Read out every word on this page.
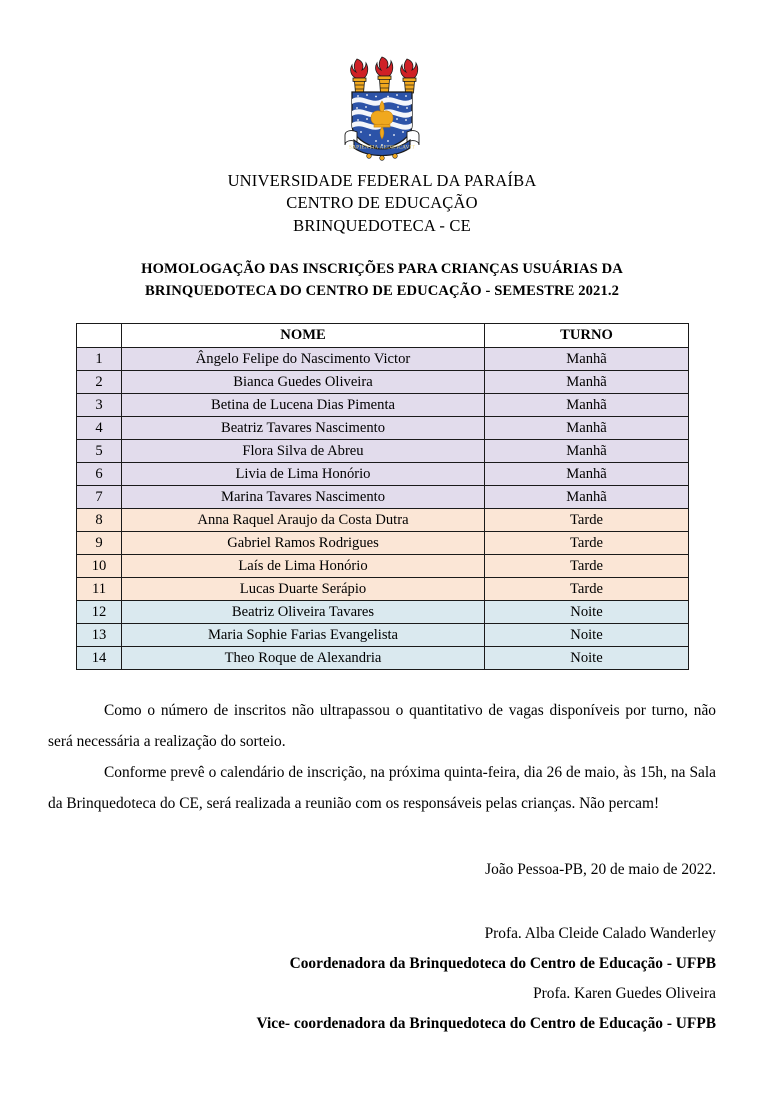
SAPIENTIA AEDIFICAVIT
UNIVERSIDADE FEDERAL DA PARAÍBA
CENTRO DE EDUCAÇÃO
BRINQUEDOTECA - CE
HOMOLOGAÇÃO DAS INSCRIÇÕES PARA CRIANÇAS USUÁRIAS DA
BRINQUEDOTECA DO CENTRO DE EDUCAÇÃO - SEMESTRE 2021.2
	NOME	TURNO
1	Ângelo Felipe do Nascimento Victor	Manhã
2	Bianca Guedes Oliveira	Manhã
3	Betina de Lucena Dias Pimenta	Manhã
4	Beatriz Tavares Nascimento	Manhã
5	Flora Silva de Abreu	Manhã
6	Livia de Lima Honório	Manhã
7	Marina Tavares Nascimento	Manhã
8	Anna Raquel Araujo da Costa Dutra	Tarde
9	Gabriel Ramos Rodrigues	Tarde
10	Laís de Lima Honório	Tarde
11	Lucas Duarte Serápio	Tarde
12	Beatriz Oliveira Tavares	Noite
13	Maria Sophie Farias Evangelista	Noite
14	Theo Roque de Alexandria	Noite

Como o número de inscritos não ultrapassou o quantitativo de vagas disponíveis por turno, não será necessária a realização do sorteio.

Conforme prevê o calendário de inscrição, na próxima quinta-feira, dia 26 de maio, às 15h, na Sala da Brinquedoteca do CE, será realizada a reunião com os responsáveis pelas crianças. Não percam!

João Pessoa-PB, 20 de maio de 2022.
Profa. Alba Cleide Calado Wanderley
Coordenadora da Brinquedoteca do Centro de Educação - UFPB
Profa. Karen Guedes Oliveira
Vice- coordenadora da Brinquedoteca do Centro de Educação - UFPB
